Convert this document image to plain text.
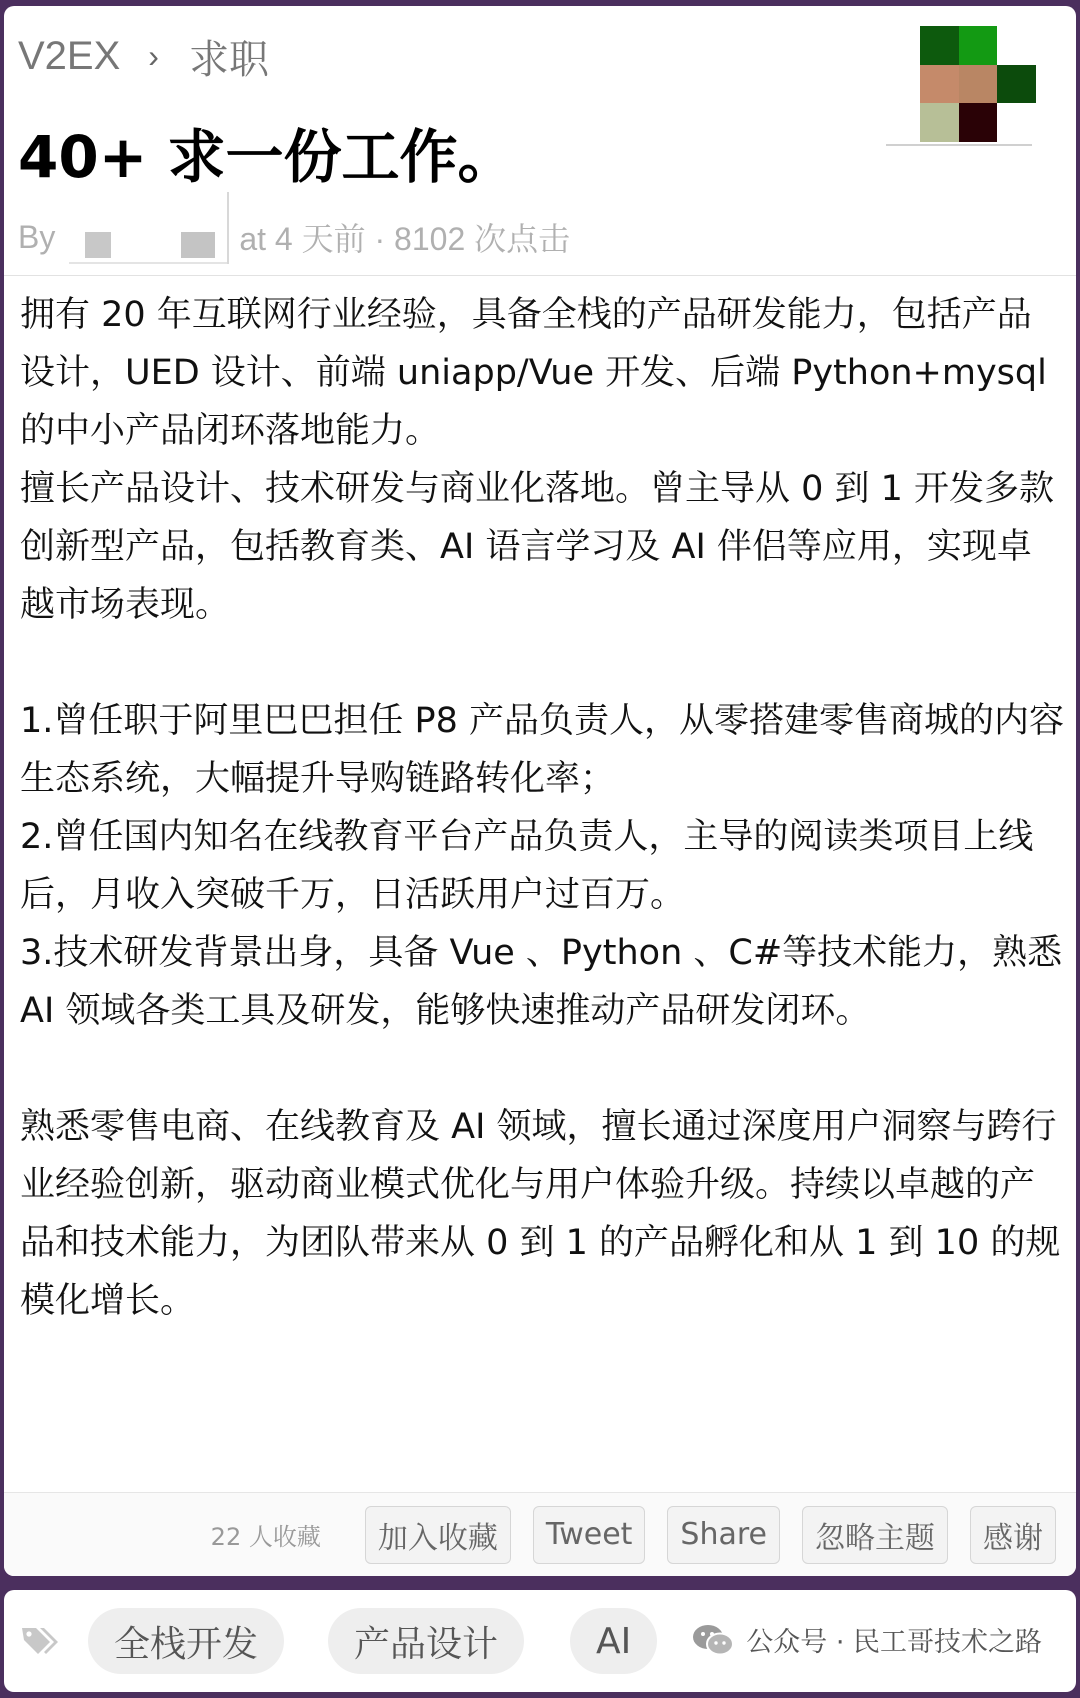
V2EX › 求职
40+ 求一份工作。
By	at 4 天前 · 8102 次点击

拥有 20 年互联网行业经验，具备全栈的产品研发能力，包括产品设计，UED 设计、前端 uniapp/Vue 开发、后端 Python+mysql 的中小产品闭环落地能力。

擅长产品设计、技术研发与商业化落地。曾主导从 0 到 1 开发多款创新型产品，包括教育类、AI 语言学习及 AI 伴侣等应用，实现卓越市场表现。

1.曾任职于阿里巴巴担任 P8 产品负责人，从零搭建零售商城的内容生态系统，大幅提升导购链路转化率；

2.曾任国内知名在线教育平台产品负责人，主导的阅读类项目上线后，月收入突破千万，日活跃用户过百万。

3.技术研发背景出身，具备 Vue 、Python 、C#等技术能力，熟悉 AI 领域各类工具及研发，能够快速推动产品研发闭环。

熟悉零售电商、在线教育及 AI 领域，擅长通过深度用户洞察与跨行业经验创新，驱动商业模式优化与用户体验升级。持续以卓越的产品和技术能力，为团队带来从 0 到 1 的产品孵化和从 1 到 10 的规模化增长。

22 人收藏	加入收藏	Tweet	Share	忽略主题	感谢
全栈开发	产品设计	AI	公众号 · 民工哥技术之路
